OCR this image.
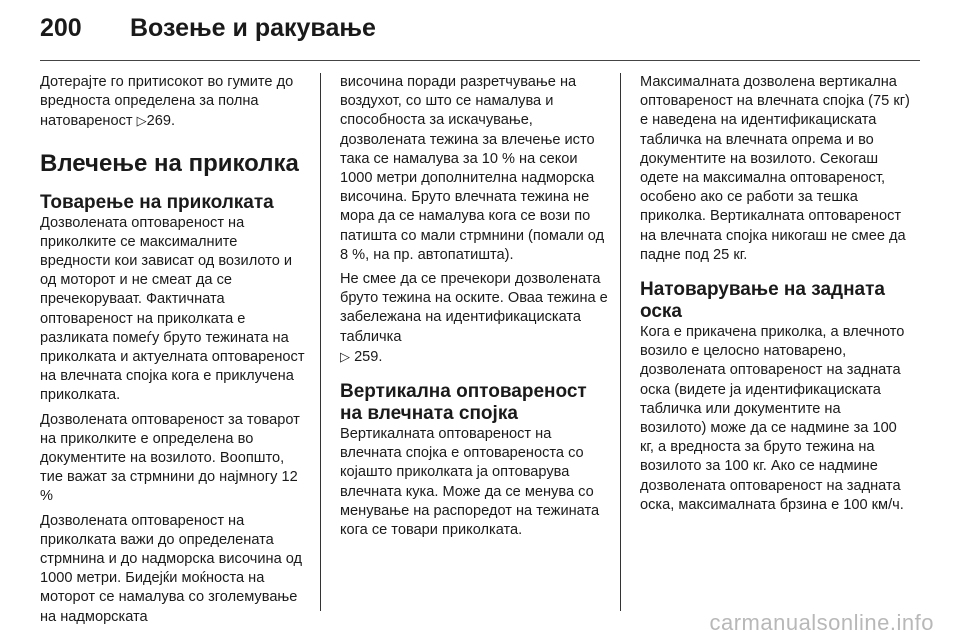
200	Возење и ракување

Дотерајте го притисокот во гумите до вредноста определена за полна натовареност ▷269.

Влечење на приколка
Товарење на приколката

Дозволената оптовареност на приколките се максималните вредности кои зависат од возилото и од моторот и не смеат да се пречекоруваат. Фактичната оптовареност на приколката е разликата помеѓу бруто тежината на приколката и актуелната оптовареност на влечната спојка кога е приклучена приколката.

Дозволената оптовареност за товарот на приколките е определена во документите на возилото. Воопшто, тие важат за стрмнини до најмногу 12 %

Дозволената оптовареност на приколката важи до определената стрмнина и до надморска височина од 1000 метри. Бидејќи моќноста на моторот се намалува со зголемување на надморската

височина поради разретчување на воздухот, со што се намалува и способноста за искачување, дозволената тежина за влечење исто така се намалува за 10 % на секои 1000 метри дополнителна надморска височина. Бруто влечната тежина не мора да се намалува кога се вози по патишта со мали стрмнини (помали од 8 %, на пр. автопатишта).

Не смее да се пречекори дозволената бруто тежина на оските. Оваа тежина е забележана на идентификациската табличка
▷ 259.

Вертикална оптовареност на влечната спојка

Вертикалната оптовареност на влечната спојка е оптовареноста со којашто приколката ја оптоварува влечната кука. Може да се менува со менување на распоредот на тежината кога се товари приколката.

Максималната дозволена вертикална оптовареност на влечната спојка (75 кг) е наведена на идентификациската табличка на влечната опрема и во документите на возилото. Секогаш одете на максимална оптовареност, особено ако се работи за тешка приколка. Вертикалната оптовареност на влечната спојка никогаш не смее да падне под 25 кг.

Натоварување на задната оска

Кога е прикачена приколка, а влечното возило е целосно натоварено, дозволената оптовареност на задната оска (видете ја идентификациската табличка или документите на возилото) може да се надмине за 100 кг, а вредноста за бруто тежина на возилото за 100 кг. Ако се надмине дозволената оптовареност на задната оска, максималната брзина е 100 км/ч.

carmanualsonline.info
